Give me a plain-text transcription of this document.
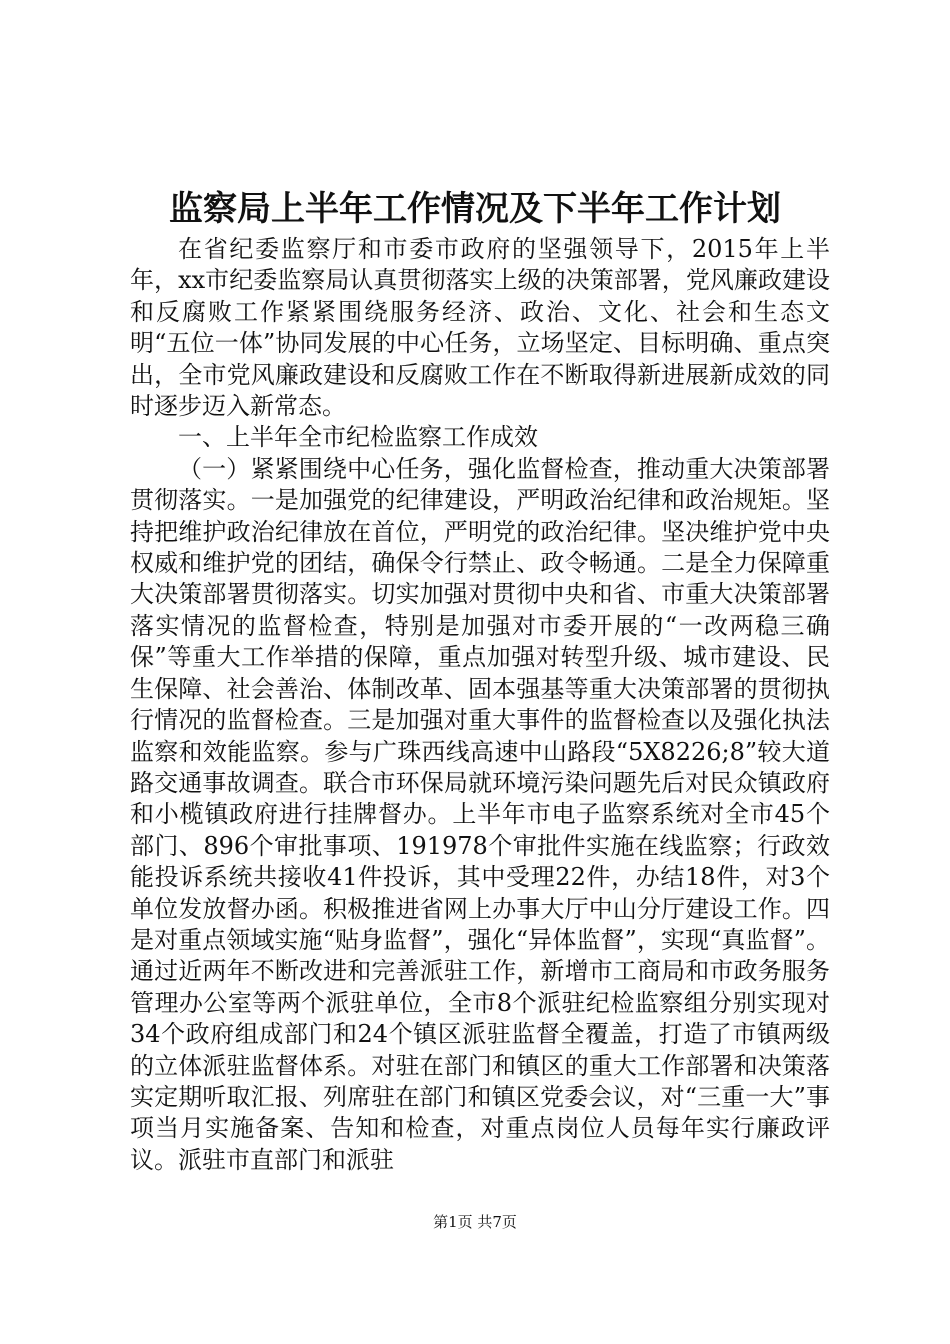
监察局上半年工作情况及下半年工作计划

在省纪委监察厅和市委市政府的坚强领导下，2015年上半年，xx市纪委监察局认真贯彻落实上级的决策部署，党风廉政建设和反腐败工作紧紧围绕服务经济、政治、文化、社会和生态文明“五位一体”协同发展的中心任务，立场坚定、目标明确、重点突出，全市党风廉政建设和反腐败工作在不断取得新进展新成效的同时逐步迈入新常态。

一、上半年全市纪检监察工作成效

（一）紧紧围绕中心任务，强化监督检查，推动重大决策部署贯彻落实。一是加强党的纪律建设，严明政治纪律和政治规矩。坚持把维护政治纪律放在首位，严明党的政治纪律。坚决维护党中央权威和维护党的团结，确保令行禁止、政令畅通。二是全力保障重大决策部署贯彻落实。切实加强对贯彻中央和省、市重大决策部署落实情况的监督检查，特别是加强对市委开展的“一改两稳三确保”等重大工作举措的保障，重点加强对转型升级、城市建设、民生保障、社会善治、体制改革、固本强基等重大决策部署的贯彻执行情况的监督检查。三是加强对重大事件的监督检查以及强化执法监察和效能监察。参与广珠西线高速中山路段“5X8226;8”较大道路交通事故调查。联合市环保局就环境污染问题先后对民众镇政府和小榄镇政府进行挂牌督办。上半年市电子监察系统对全市45个部门、896个审批事项、191978个审批件实施在线监察；行政效能投诉系统共接收41件投诉，其中受理22件，办结18件，对3个单位发放督办函。积极推进省网上办事大厅中山分厅建设工作。四是对重点领域实施“贴身监督”，强化“异体监督”，实现“真监督”。通过近两年不断改进和完善派驻工作，新增市工商局和市政务服务管理办公室等两个派驻单位，全市8个派驻纪检监察组分别实现对34个政府组成部门和24个镇区派驻监督全覆盖，打造了市镇两级的立体派驻监督体系。对驻在部门和镇区的重大工作部署和决策落实定期听取汇报、列席驻在部门和镇区党委会议，对“三重一大”事项当月实施备案、告知和检查，对重点岗位人员每年实行廉政评议。派驻市直部门和派驻

第1页 共7页
